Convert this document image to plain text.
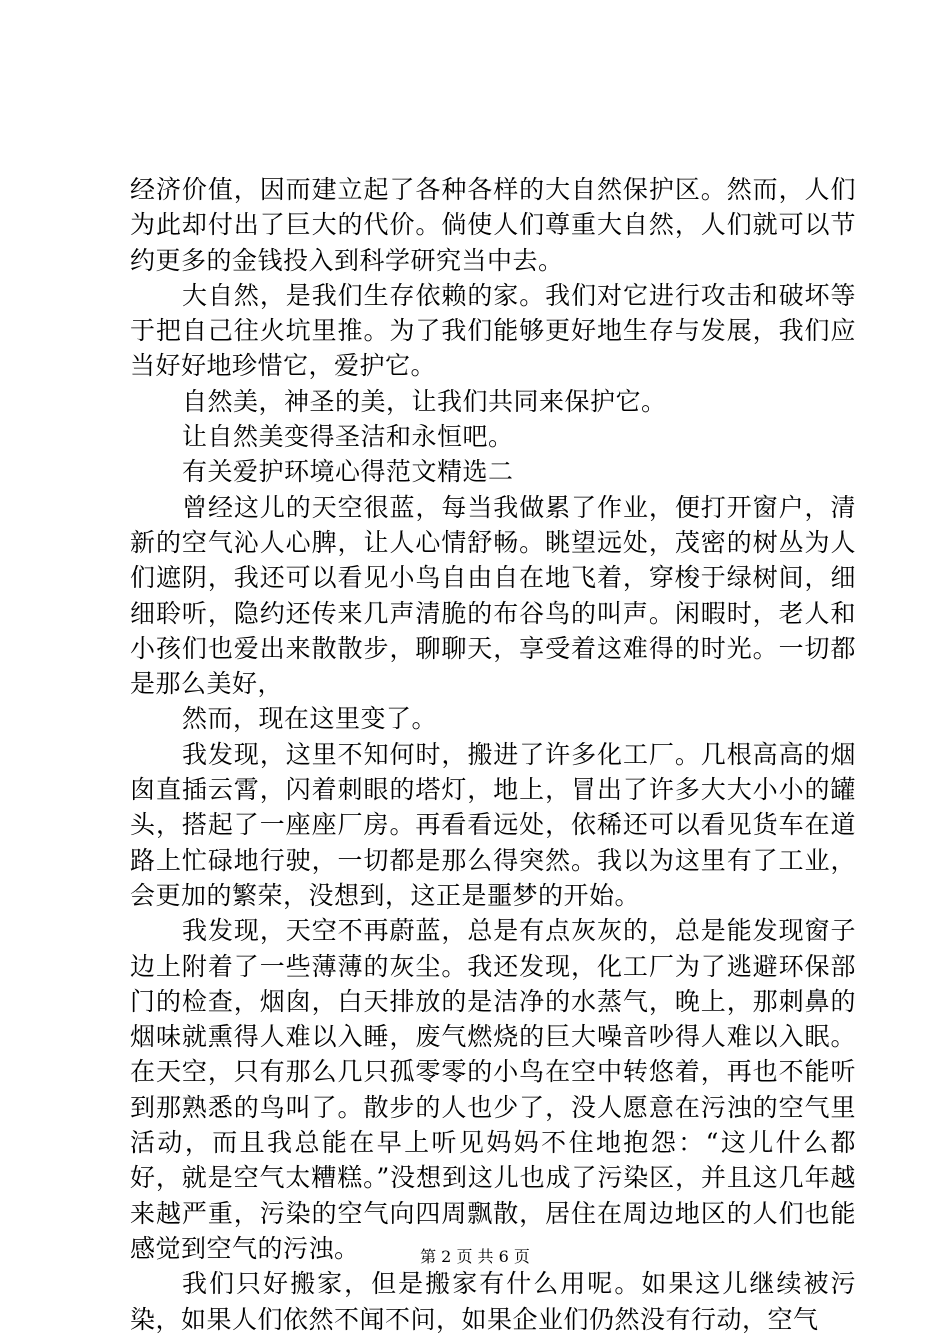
经济价值，因而建立起了各种各样的大自然保护区。然而，人们为此却付出了巨大的代价。倘使人们尊重大自然，人们就可以节约更多的金钱投入到科学研究当中去。

大自然，是我们生存依赖的家。我们对它进行攻击和破坏等于把自己往火坑里推。为了我们能够更好地生存与发展，我们应当好好地珍惜它，爱护它。

自然美，神圣的美，让我们共同来保护它。

让自然美变得圣洁和永恒吧。

有关爱护环境心得范文精选二

曾经这儿的天空很蓝，每当我做累了作业，便打开窗户，清新的空气沁人心脾，让人心情舒畅。眺望远处，茂密的树丛为人们遮阴，我还可以看见小鸟自由自在地飞着，穿梭于绿树间，细细聆听，隐约还传来几声清脆的布谷鸟的叫声。闲暇时，老人和小孩们也爱出来散散步，聊聊天，享受着这难得的时光。一切都是那么美好，

然而，现在这里变了。

我发现，这里不知何时，搬进了许多化工厂。几根高高的烟囱直插云霄，闪着刺眼的塔灯，地上，冒出了许多大大小小的罐头，搭起了一座座厂房。再看看远处，依稀还可以看见货车在道路上忙碌地行驶，一切都是那么得突然。我以为这里有了工业，会更加的繁荣，没想到，这正是噩梦的开始。

我发现，天空不再蔚蓝，总是有点灰灰的，总是能发现窗子边上附着了一些薄薄的灰尘。我还发现，化工厂为了逃避环保部门的检查，烟囱，白天排放的是洁净的水蒸气，晚上，那刺鼻的烟味就熏得人难以入睡，废气燃烧的巨大噪音吵得人难以入眠。在天空，只有那么几只孤零零的小鸟在空中转悠着，再也不能听到那熟悉的鸟叫了。散步的人也少了，没人愿意在污浊的空气里活动，而且我总能在早上听见妈妈不住地抱怨：“这儿什么都好，就是空气太糟糕。”没想到这儿也成了污染区，并且这几年越来越严重，污染的空气向四周飘散，居住在周边地区的人们也能感觉到空气的污浊。

我们只好搬家，但是搬家有什么用呢。如果这儿继续被污染，如果人们依然不闻不问，如果企业们仍然没有行动，空气

第 2 页 共 6 页
